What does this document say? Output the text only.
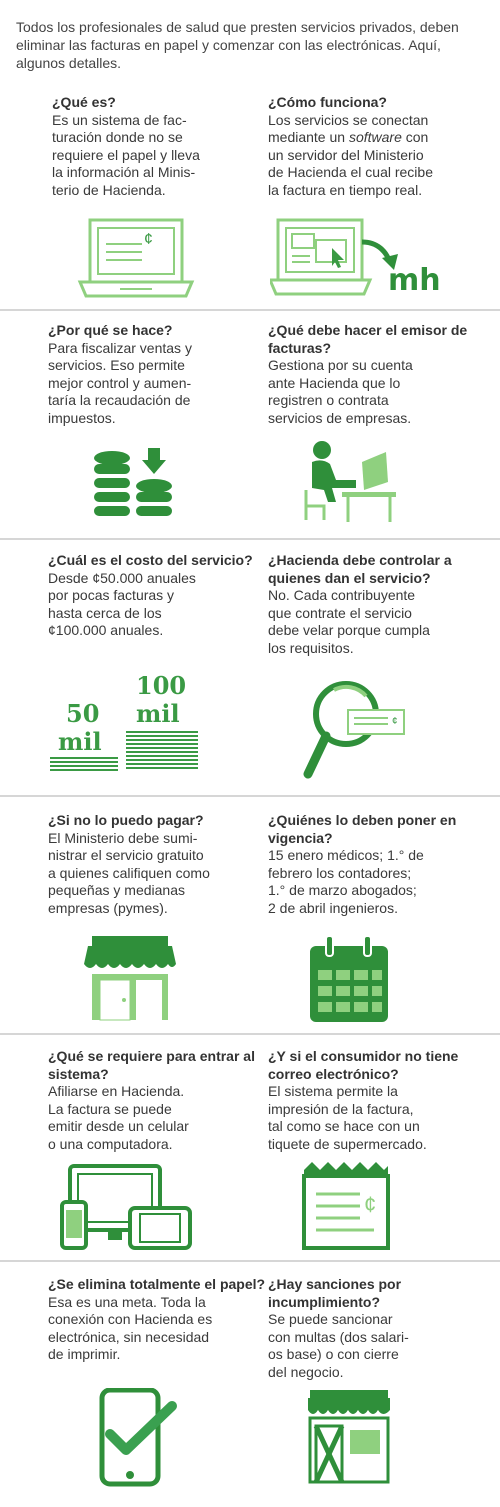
Todos los profesionales de salud que presten servicios privados, deben eliminar las facturas en papel y comenzar con las electrónicas. Aquí, algunos detalles.
¿Qué es?
Es un sistema de fac-
turación donde no se
requiere el papel y lleva
la información al Minis-
terio de Hacienda.
¿Cómo funciona?
Los servicios se conectan
mediante un software con
un servidor del Ministerio
de Hacienda el cual recibe
la factura en tiempo real.
¢
mh
¿Por qué se hace?
Para fiscalizar ventas y
servicios. Eso permite
mejor control y aumen-
taría la recaudación de
impuestos.
¿Qué debe hacer el emisor de facturas?
Gestiona por su cuenta
ante Hacienda que lo
registren o contrata
servicios de empresas.
¿Cuál es el costo del servicio?
Desde ¢50.000 anuales
por pocas facturas y
hasta cerca de los
¢100.000 anuales.
¿Hacienda debe controlar a quienes dan el servicio?
No. Cada contribuyente
que contrate el servicio
debe velar porque cumpla
los requisitos.
50
mil
100
mil	¢
¿Si no lo puedo pagar?
El Ministerio debe sumi-
nistrar el servicio gratuito
a quienes califiquen como
pequeñas y medianas
empresas (pymes).
¿Quiénes lo deben poner en vigencia?
15 enero médicos; 1.° de
febrero los contadores;
1.° de marzo abogados;
2 de abril ingenieros.
¿Qué se requiere para entrar al sistema?
Afiliarse en Hacienda.
La factura se puede
emitir desde un celular
o una computadora.
¿Y si el consumidor no tiene correo electrónico?
El sistema permite la
impresión de la factura,
tal como se hace con un
tiquete de supermercado.
¢
¿Se elimina totalmente el papel?
Esa es una meta. Toda la
conexión con Hacienda es
electrónica, sin necesidad
de imprimir.
¿Hay sanciones por incumplimiento?
Se puede sancionar
con multas (dos salari-
os base) o con cierre
del negocio.
